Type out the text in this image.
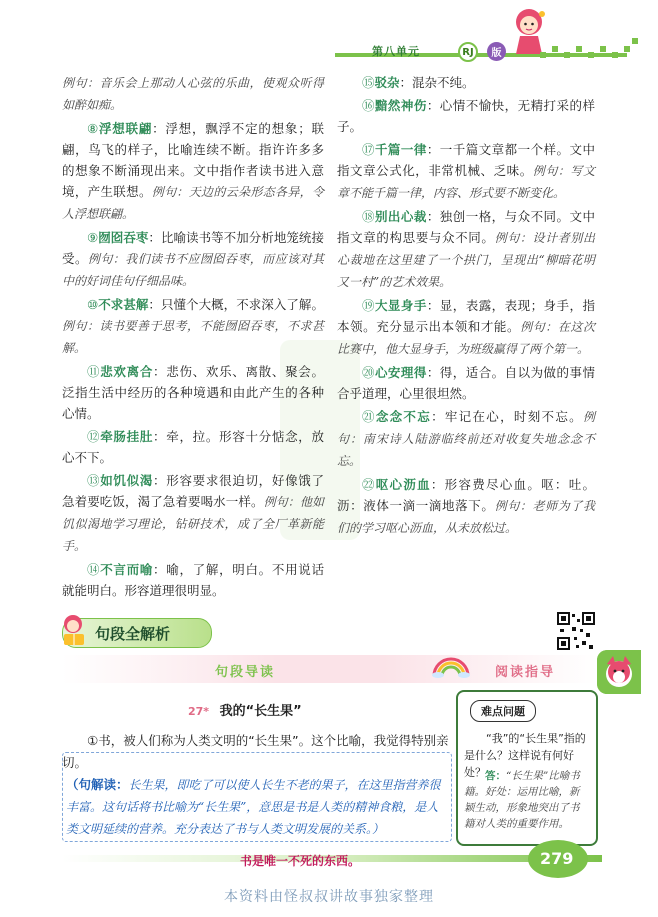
第八单元	RJ	版

例句：音乐会上那动人心弦的乐曲，使观众听得如醉如痴。

⑧浮想联翩：浮想，飘浮不定的想象；联翩，鸟飞的样子，比喻连续不断。指许许多多的想象不断涌现出来。文中指作者读书进入意境，产生联想。例句：天边的云朵形态各异，令人浮想联翩。

⑨囫囵吞枣：比喻读书等不加分析地笼统接受。例句：我们读书不应囫囵吞枣，而应该对其中的好词佳句仔细品味。

⑩不求甚解：只懂个大概，不求深入了解。例句：读书要善于思考，不能囫囵吞枣，不求甚解。

⑪悲欢离合：悲伤、欢乐、离散、聚会。泛指生活中经历的各种境遇和由此产生的各种心情。

⑫牵肠挂肚：牵，拉。形容十分惦念，放心不下。

⑬如饥似渴：形容要求很迫切，好像饿了急着要吃饭，渴了急着要喝水一样。例句：他如饥似渴地学习理论，钻研技术，成了全厂革新能手。

⑭不言而喻：喻，了解，明白。不用说话就能明白。形容道理很明显。

⑮驳杂：混杂不纯。

⑯黯然神伤：心情不愉快，无精打采的样子。

⑰千篇一律：一千篇文章都一个样。文中指文章公式化，非常机械、乏味。例句：写文章不能千篇一律，内容、形式要不断变化。

⑱别出心裁：独创一格，与众不同。文中指文章的构思要与众不同。例句：设计者别出心裁地在这里建了一个拱门，呈现出“柳暗花明又一村”的艺术效果。

⑲大显身手：显，表露，表现；身手，指本领。充分显示出本领和才能。例句：在这次比赛中，他大显身手，为班级赢得了两个第一。

⑳心安理得：得，适合。自以为做的事情合乎道理，心里很坦然。

㉑念念不忘：牢记在心，时刻不忘。例句：南宋诗人陆游临终前还对收复失地念念不忘。

㉒呕心沥血：形容费尽心血。呕：吐。沥：液体一滴一滴地落下。例句：老师为了我们的学习呕心沥血，从未放松过。

句段全解析
句段导读	阅读指导
27* 我的“长生果”
①书，被人们称为人类文明的“长生果”。这个比喻，我觉得特别亲切。
（句解读：长生果，即吃了可以使人长生不老的果子，在这里指营养很丰富。这句话将书比喻为“长生果”，意思是书是人类的精神食粮，是人类文明延续的营养。充分表达了书与人类文明发展的关系。）
难点问题
“我”的“长生果”指的是什么？这样说有何好处？ 答：“长生果”比喻书籍。好处：运用比喻，新颖生动，形象地突出了书籍对人类的重要作用。
书是唯一不死的东西。	279
本资料由怪叔叔讲故事独家整理
